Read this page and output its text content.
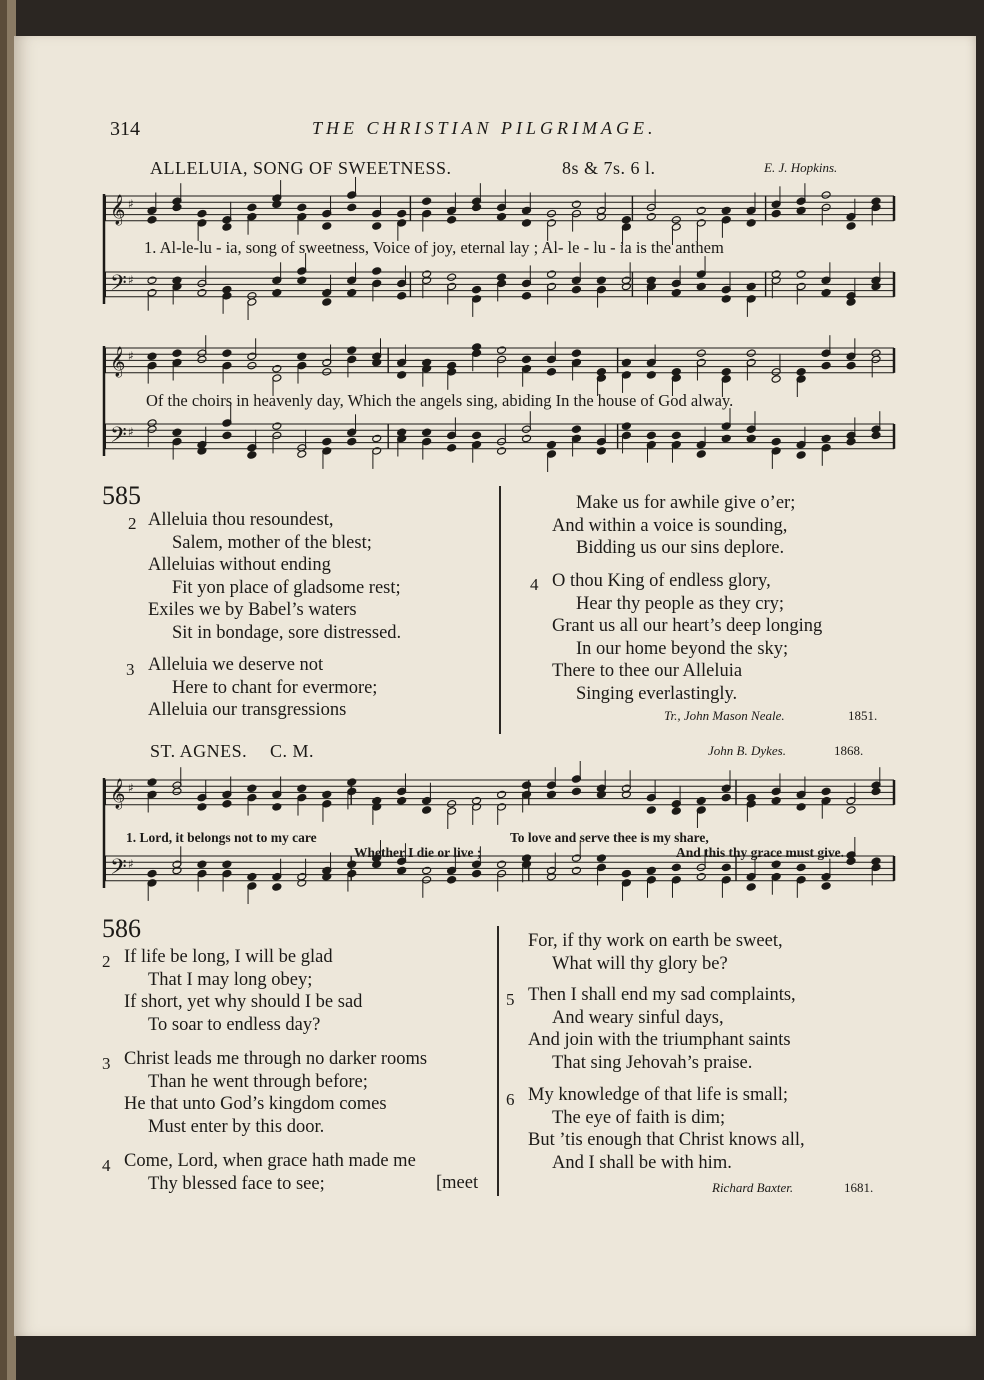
314	THE CHRISTIAN PILGRIMAGE.
ALLELUIA, SONG OF SWEETNESS.	8s & 7s. 6 l.	E. J. Hopkins.
𝄞 ♯
𝄢 ♯
1. Al-le-lu - ia, song of sweetness, Voice of joy, eternal lay ; Al- le - lu - ia is the anthem
𝄞 ♯
𝄢 ♯
Of the choirs in heavenly day, Which the angels sing, abiding In the house of God alway.
585
2 Alleluia thou resoundest,
Salem, mother of the blest;
Alleluias without ending
Fit yon place of gladsome rest;
Exiles we by Babel’s waters
Sit in bondage, sore distressed.
3 Alleluia we deserve not
Here to chant for evermore;
Alleluia our transgressions
Make us for awhile give o’er;
And within a voice is sounding,
Bidding us our sins deplore.
4 O thou King of endless glory,
Hear thy people as they cry;
Grant us all our heart’s deep longing
In our home beyond the sky;
There to thee our Alleluia
Singing everlastingly.
Tr., John Mason Neale.	1851.
ST. AGNES. C. M.	John B. Dykes.	1868.
𝄞 ♯
𝄢 ♯
1. Lord, it belongs not to my care
Whether I die or live ;
To love and serve thee is my share,
And this thy grace must give.
586
2 If life be long, I will be glad
That I may long obey;
If short, yet why should I be sad
To soar to endless day?
3 Christ leads me through no darker rooms
Than he went through before;
He that unto God’s kingdom comes
Must enter by this door.
4 Come, Lord, when grace hath made me
Thy blessed face to see;	[meet
For, if thy work on earth be sweet,
What will thy glory be?
5 Then I shall end my sad complaints,
And weary sinful days,
And join with the triumphant saints
That sing Jehovah’s praise.
6 My knowledge of that life is small;
The eye of faith is dim;
But ’tis enough that Christ knows all,
And I shall be with him.
Richard Baxter.	1681.
